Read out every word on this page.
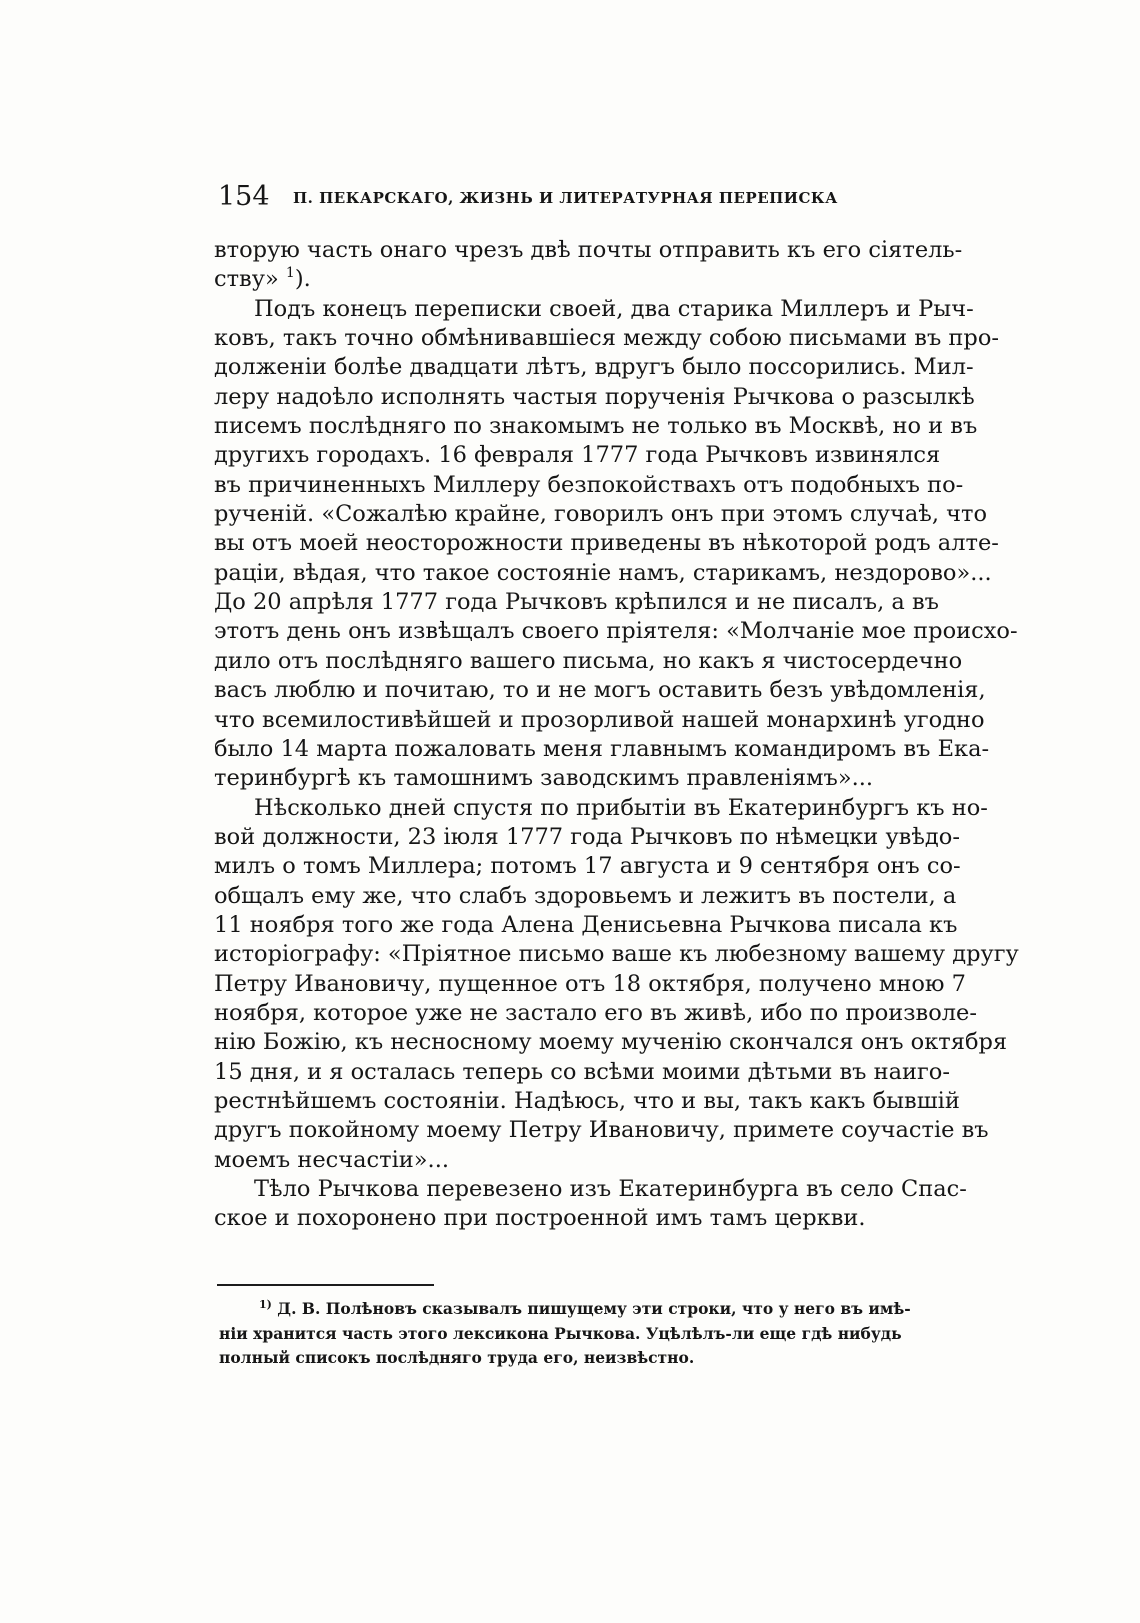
154 П. ПЕКАРСКАГО, ЖИЗНЬ И ЛИТЕРАТУРНАЯ ПЕРЕПИСКА
вторую часть онаго чрезъ двѣ почты отправить къ его сiятель-
ству» $^1$).
Подъ конецъ переписки своей, два старика Миллеръ и Рыч-
ковъ, такъ точно обмѣнивавшiеся между собою письмами въ про-
долженiи болѣе двадцати лѣтъ, вдругъ было поссорились. Мил-
леру надоѣло исполнять частыя порученiя Рычкова о разсылкѣ
писемъ послѣдняго по знакомымъ не только въ Москвѣ, но и въ
другихъ городахъ. 16 февраля 1777 года Рычковъ извинялся
въ причиненныхъ Миллеру безпокойствахъ отъ подобныхъ по-
рученiй. «Сожалѣю крайне, говорилъ онъ при этомъ случаѣ, что
вы отъ моей неосторожности приведены въ нѣкоторой родъ алте-
рацiи, вѣдая, что такое состоянiе намъ, старикамъ, нездорово»...
До 20 апрѣля 1777 года Рычковъ крѣпился и не писалъ, а въ
этотъ день онъ извѣщалъ своего прiятеля: «Молчанiе мое происхо-
дило отъ послѣдняго вашего письма, но какъ я чистосердечно
васъ люблю и почитаю, то и не могъ оставить безъ увѣдомленiя,
что всемилостивѣйшей и прозорливой нашей монархинѣ угодно
было 14 марта пожаловать меня главнымъ командиромъ въ Ека-
теринбургѣ къ тамошнимъ заводскимъ правленiямъ»...
Нѣсколько дней спустя по прибытiи въ Екатеринбургъ къ но-
вой должности, 23 iюля 1777 года Рычковъ по нѣмецки увѣдо-
милъ о томъ Миллера; потомъ 17 августа и 9 сентября онъ со-
общалъ ему же, что слабъ здоровьемъ и лежитъ въ постели, а
11 ноября того же года Алена Денисьевна Рычкова писала къ
исторiографу: «Прiятное письмо ваше къ любезному вашему другу
Петру Ивановичу, пущенное отъ 18 октября, получено мною 7
ноября, которое уже не застало его въ живѣ, ибо по произволе-
нiю Божiю, къ несносному моему мученiю скончался онъ октября
15 дня, и я осталась теперь со всѣми моими дѣтьми въ наиго-
рестнѣйшемъ состоянiи. Надѣюсь, что и вы, такъ какъ бывшiй
другъ покойному моему Петру Ивановичу, примете соучастiе въ
моемъ несчастiи»...
Тѣло Рычкова перевезено изъ Екатеринбурга въ село Спас-
ское и похоронено при построенной имъ тамъ церкви.
$^{1)}$ Д. В. Полѣновъ сказывалъ пишущему эти строки, что у него въ имѣ-
нiи хранится часть этого лексикона Рычкова. Уцѣлѣлъ-ли еще гдѣ нибудь
полный списокъ послѣдняго труда его, неизвѣстно.
